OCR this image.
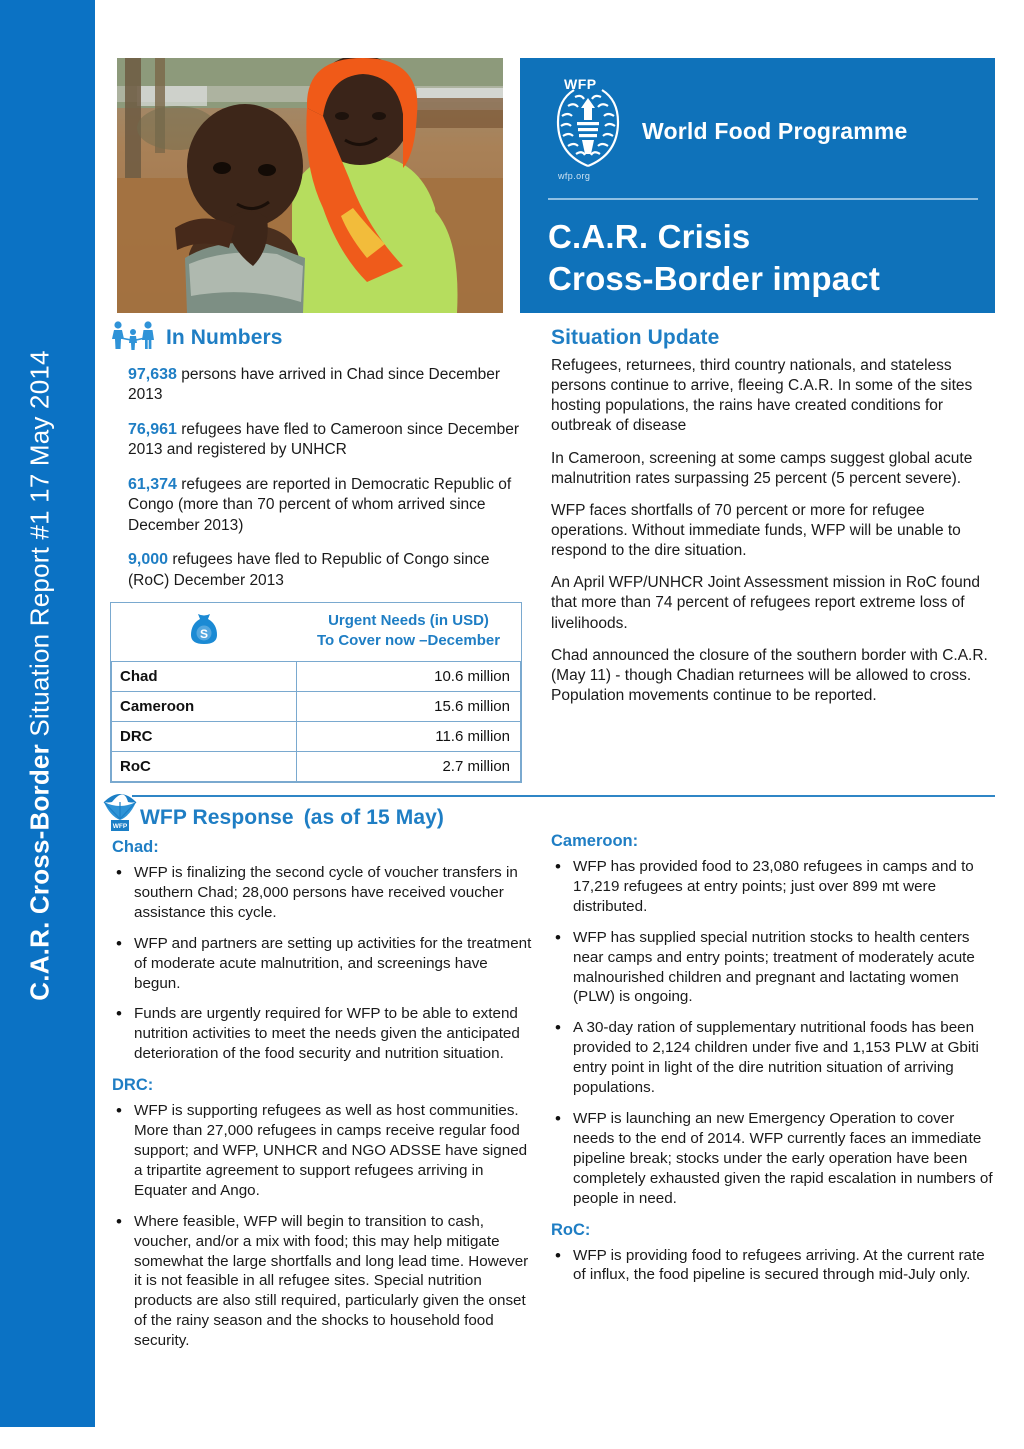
C.A.R. Cross-Border Situation Report #1 17 May 2014
WFP
wfp.org
World Food Programme
C.A.R. Crisis
Cross-Border impact
In Numbers
97,638 persons have arrived in Chad since December 2013
76,961 refugees have fled to Cameroon since December 2013 and registered by UNHCR
61,374 refugees are reported in Democratic Republic of Congo (more than 70 percent of whom arrived since December 2013)
9,000 refugees have fled to Republic of Congo since (RoC) December 2013
S	Urgent Needs (in USD)
To Cover now –December

Chad	10.6 million
Cameroon	15.6 million
DRC	11.6 million
RoC	2.7 million
Situation Update

Refugees, returnees, third country nationals, and stateless persons continue to arrive, fleeing C.A.R. In some of the sites hosting populations, the rains have created conditions for outbreak of disease

In Cameroon, screening at some camps suggest global acute malnutrition rates surpassing 25 percent (5 percent severe).

WFP faces shortfalls of 70 percent or more for refugee operations. Without immediate funds, WFP will be unable to respond to the dire situation.

An April WFP/UNHCR Joint Assessment mission in RoC found that more than 74 percent of refugees report extreme loss of livelihoods.

Chad announced the closure of the southern border with C.A.R. (May 11) - though Chadian returnees will be allowed to cross. Population movements continue to be reported.

WFP WFP Response (as of 15 May)
Chad:
• WFP is finalizing the second cycle of voucher transfers in southern Chad; 28,000 persons have received voucher assistance this cycle.
• WFP and partners are setting up activities for the treatment of moderate acute malnutrition, and screenings have begun.
• Funds are urgently required for WFP to be able to extend nutrition activities to meet the needs given the anticipated deterioration of the food security and nutrition situation.
DRC:
• WFP is supporting refugees as well as host communities. More than 27,000 refugees in camps receive regular food support; and WFP, UNHCR and NGO ADSSE have signed a tripartite agreement to support refugees arriving in Equater and Ango.
• Where feasible, WFP will begin to transition to cash, voucher, and/or a mix with food; this may help mitigate somewhat the large shortfalls and long lead time. However it is not feasible in all refugee sites. Special nutrition products are also still required, particularly given the onset of the rainy season and the shocks to household food security.
Cameroon:
• WFP has provided food to 23,080 refugees in camps and to 17,219 refugees at entry points; just over 899 mt were distributed.
• WFP has supplied special nutrition stocks to health centers near camps and entry points; treatment of moderately acute malnourished children and pregnant and lactating women (PLW) is ongoing.
• A 30-day ration of supplementary nutritional foods has been provided to 2,124 children under five and 1,153 PLW at Gbiti entry point in light of the dire nutrition situation of arriving populations.
• WFP is launching an new Emergency Operation to cover needs to the end of 2014. WFP currently faces an immediate pipeline break; stocks under the early operation have been completely exhausted given the rapid escalation in numbers of people in need.
RoC:
• WFP is providing food to refugees arriving. At the current rate of influx, the food pipeline is secured through mid-July only.
